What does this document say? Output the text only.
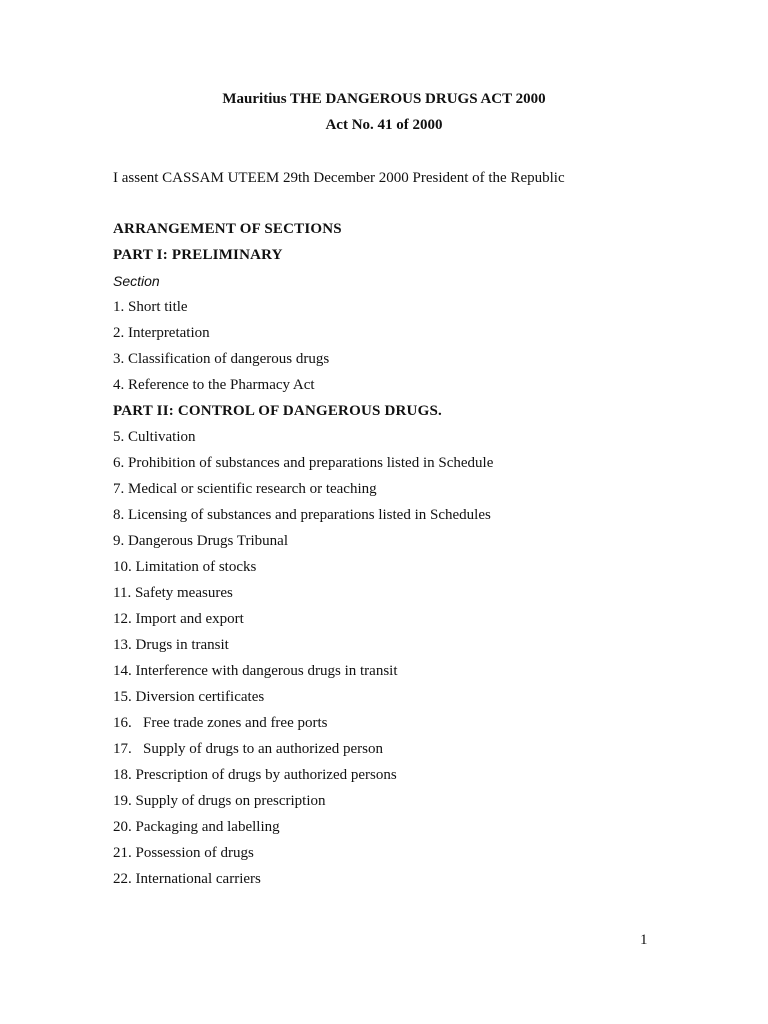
Mauritius THE DANGEROUS DRUGS ACT 2000

Act No. 41 of 2000

I assent CASSAM UTEEM 29th December 2000 President of the Republic

ARRANGEMENT OF SECTIONS

PART I: PRELIMINARY

Section

1. Short title

2. Interpretation

3. Classification of dangerous drugs

4. Reference to the Pharmacy Act

PART II: CONTROL OF DANGEROUS DRUGS.

5. Cultivation

6. Prohibition of substances and preparations listed in Schedule

7. Medical or scientific research or teaching

8. Licensing of substances and preparations listed in Schedules

9. Dangerous Drugs Tribunal

10. Limitation of stocks

11. Safety measures

12. Import and export

13. Drugs in transit

14. Interference with dangerous drugs in transit

15. Diversion certificates

16.   Free trade zones and free ports

17.   Supply of drugs to an authorized person

18. Prescription of drugs by authorized persons

19. Supply of drugs on prescription

20. Packaging and labelling

21. Possession of drugs

22. International carriers

1
